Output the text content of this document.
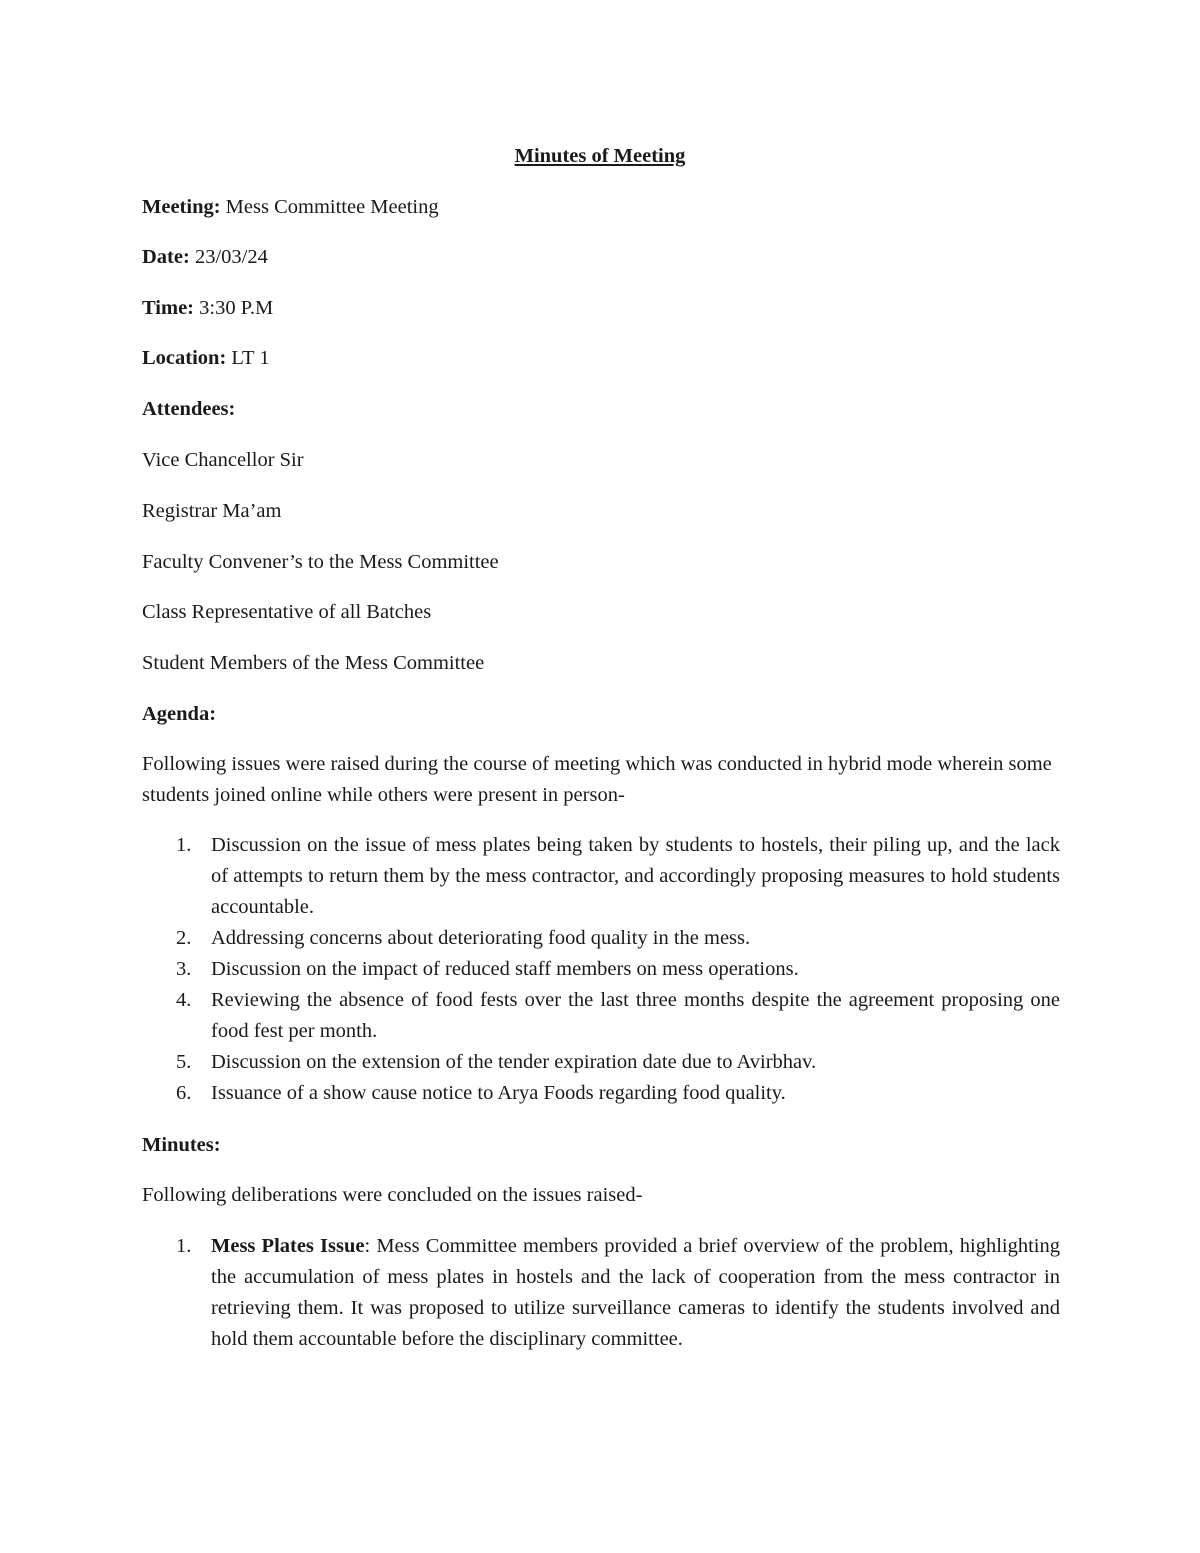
Minutes of Meeting
Meeting: Mess Committee Meeting
Date: 23/03/24
Time: 3:30 P.M
Location: LT 1
Attendees:
Vice Chancellor Sir
Registrar Ma’am
Faculty Convener’s to the Mess Committee
Class Representative of all Batches
Student Members of the Mess Committee
Agenda:
Following issues were raised during the course of meeting which was conducted in hybrid mode wherein some students joined online while others were present in person-
1. Discussion on the issue of mess plates being taken by students to hostels, their piling up, and the lack of attempts to return them by the mess contractor, and accordingly proposing measures to hold students accountable.
2. Addressing concerns about deteriorating food quality in the mess.
3. Discussion on the impact of reduced staff members on mess operations.
4. Reviewing the absence of food fests over the last three months despite the agreement proposing one food fest per month.
5. Discussion on the extension of the tender expiration date due to Avirbhav.
6. Issuance of a show cause notice to Arya Foods regarding food quality.
Minutes:
Following deliberations were concluded on the issues raised-
1. Mess Plates Issue: Mess Committee members provided a brief overview of the problem, highlighting the accumulation of mess plates in hostels and the lack of cooperation from the mess contractor in retrieving them. It was proposed to utilize surveillance cameras to identify the students involved and hold them accountable before the disciplinary committee.
